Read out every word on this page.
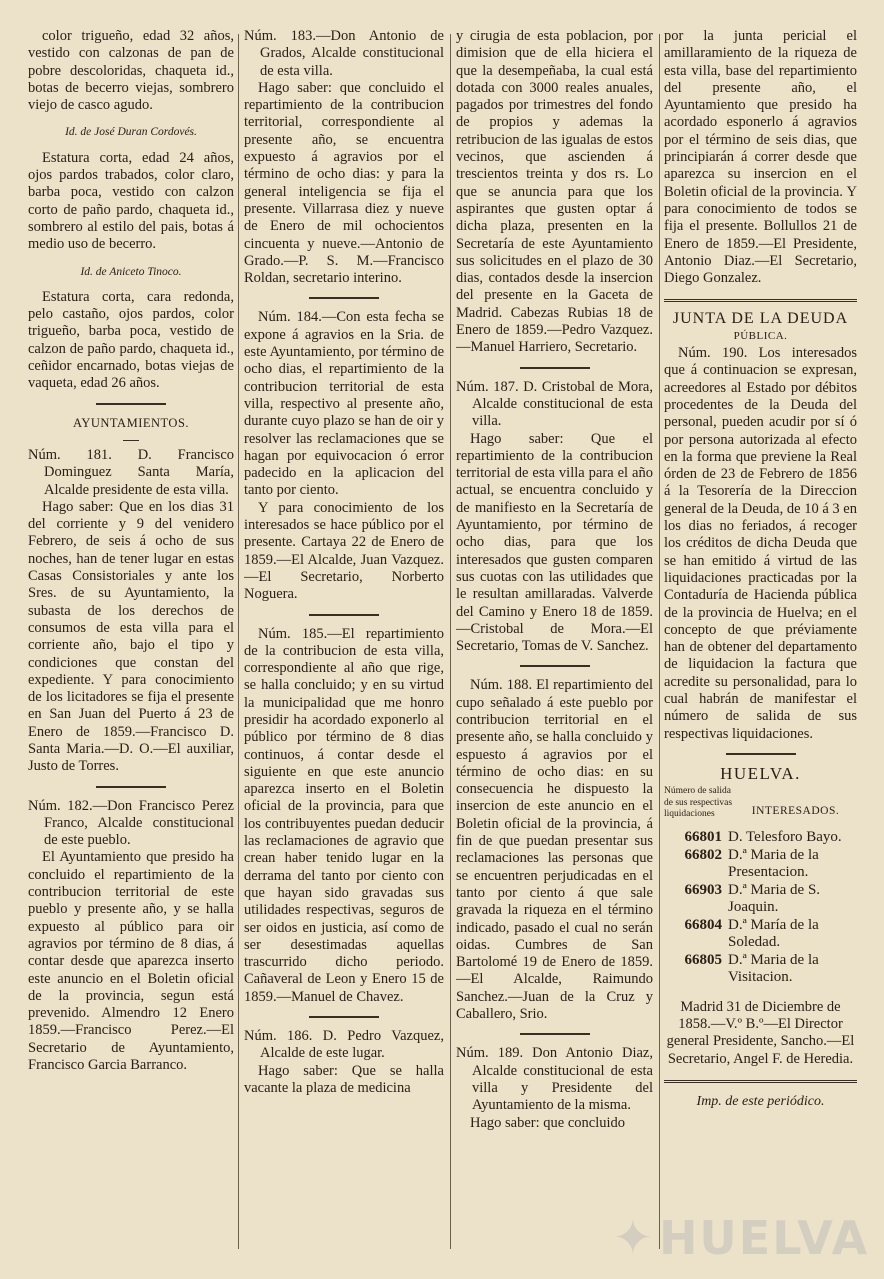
color trigueño, edad 32 años, vestido con calzonas de pan de pobre descoloridas, chaqueta id., botas de becerro viejas, sombrero viejo de casco agudo.

Id. de José Duran Cordovés.

Estatura corta, edad 24 años, ojos pardos trabados, color claro, barba poca, vestido con calzon corto de paño pardo, chaqueta id., sombrero al estilo del pais, botas á medio uso de becerro.

Id. de Aniceto Tinoco.

Estatura corta, cara redonda, pelo castaño, ojos pardos, color trigueño, barba poca, vestido de calzon de paño pardo, chaqueta id., ceñidor encarnado, botas viejas de vaqueta, edad 26 años.

AYUNTAMIENTOS.

Núm. 181. D. Francisco Dominguez Santa María, Alcalde presidente de esta villa.

Hago saber: Que en los dias 31 del corriente y 9 del venidero Febrero, de seis á ocho de sus noches, han de tener lugar en estas Casas Consistoriales y ante los Sres. de su Ayuntamiento, la subasta de los derechos de consumos de esta villa para el corriente año, bajo el tipo y condiciones que constan del expediente. Y para conocimiento de los licitadores se fija el presente en San Juan del Puerto á 23 de Enero de 1859.—Francisco D. Santa Maria.—D. O.—El auxiliar, Justo de Torres.

Núm. 182.—Don Francisco Perez Franco, Alcalde constitucional de este pueblo.

El Ayuntamiento que presido ha concluido el repartimiento de la contribucion territorial de este pueblo y presente año, y se halla expuesto al público para oir agravios por término de 8 dias, á contar desde que aparezca inserto este anuncio en el Boletin oficial de la provincia, segun está prevenido. Almendro 12 Enero 1859.—Francisco Perez.—El Secretario de Ayuntamiento, Francisco Garcia Barranco.

Núm. 183.—Don Antonio de Grados, Alcalde constitucional de esta villa.

Hago saber: que concluido el repartimiento de la contribucion territorial, correspondiente al presente año, se encuentra expuesto á agravios por el término de ocho dias: y para la general inteligencia se fija el presente. Villarrasa diez y nueve de Enero de mil ochocientos cincuenta y nueve.—Antonio de Grado.—P. S. M.—Francisco Roldan, secretario interino.

Núm. 184.—Con esta fecha se expone á agravios en la Sria. de este Ayuntamiento, por término de ocho dias, el repartimiento de la contribucion territorial de esta villa, respectivo al presente año, durante cuyo plazo se han de oir y resolver las reclamaciones que se hagan por equivocacion ó error padecido en la aplicacion del tanto por ciento.

Y para conocimiento de los interesados se hace público por el presente. Cartaya 22 de Enero de 1859.—El Alcalde, Juan Vazquez.—El Secretario, Norberto Noguera.

Núm. 185.—El repartimiento de la contribucion de esta villa, correspondiente al año que rige, se halla concluido; y en su virtud la municipalidad que me honro presidir ha acordado exponerlo al público por término de 8 dias continuos, á contar desde el siguiente en que este anuncio aparezca inserto en el Boletin oficial de la provincia, para que los contribuyentes puedan deducir las reclamaciones de agravio que crean haber tenido lugar en la derrama del tanto por ciento con que hayan sido gravadas sus utilidades respectivas, seguros de ser oidos en justicia, así como de ser desestimadas aquellas trascurrido dicho periodo. Cañaveral de Leon y Enero 15 de 1859.—Manuel de Chavez.

Núm. 186. D. Pedro Vazquez, Alcalde de este lugar.

Hago saber: Que se halla vacante la plaza de medicina

y cirugia de esta poblacion, por dimision que de ella hiciera el que la desempeñaba, la cual está dotada con 3000 reales anuales, pagados por trimestres del fondo de propios y ademas la retribucion de las igualas de estos vecinos, que ascienden á trescientos treinta y dos rs. Lo que se anuncia para que los aspirantes que gusten optar á dicha plaza, presenten en la Secretaría de este Ayuntamiento sus solicitudes en el plazo de 30 dias, contados desde la insercion del presente en la Gaceta de Madrid. Cabezas Rubias 18 de Enero de 1859.—Pedro Vazquez.—Manuel Harriero, Secretario.

Núm. 187. D. Cristobal de Mora, Alcalde constitucional de esta villa.

Hago saber: Que el repartimiento de la contribucion territorial de esta villa para el año actual, se encuentra concluido y de manifiesto en la Secretaría de Ayuntamiento, por término de ocho dias, para que los interesados que gusten comparen sus cuotas con las utilidades que le resultan amillaradas. Valverde del Camino y Enero 18 de 1859.—Cristobal de Mora.—El Secretario, Tomas de V. Sanchez.

Núm. 188. El repartimiento del cupo señalado á este pueblo por contribucion territorial en el presente año, se halla concluido y espuesto á agravios por el término de ocho dias: en su consecuencia he dispuesto la insercion de este anuncio en el Boletin oficial de la provincia, á fin de que puedan presentar sus reclamaciones las personas que se encuentren perjudicadas en el tanto por ciento á que sale gravada la riqueza en el término indicado, pasado el cual no serán oidas. Cumbres de San Bartolomé 19 de Enero de 1859.—El Alcalde, Raimundo Sanchez.—Juan de la Cruz y Caballero, Srio.

Núm. 189. Don Antonio Diaz, Alcalde constitucional de esta villa y Presidente del Ayuntamiento de la misma.

Hago saber: que concluido

por la junta pericial el amillaramiento de la riqueza de esta villa, base del repartimiento del presente año, el Ayuntamiento que presido ha acordado esponerlo á agravios por el término de seis dias, que principiarán á correr desde que aparezca su insercion en el Boletin oficial de la provincia. Y para conocimiento de todos se fija el presente. Bollullos 21 de Enero de 1859.—El Presidente, Antonio Diaz.—El Secretario, Diego Gonzalez.

JUNTA DE LA DEUDA
PÚBLICA.

Núm. 190. Los interesados que á continuacion se expresan, acreedores al Estado por débitos procedentes de la Deuda del personal, pueden acudir por sí ó por persona autorizada al efecto en la forma que previene la Real órden de 23 de Febrero de 1856 á la Tesorería de la Direccion general de la Deuda, de 10 á 3 en los dias no feriados, á recoger los créditos de dicha Deuda que se han emitido á virtud de las liquidaciones practicadas por la Contaduría de Hacienda pública de la provincia de Huelva; en el concepto de que préviamente han de obtener del departamento de liquidacion la factura que acredite su personalidad, para lo cual habrán de manifestar el número de salida de sus respectivas liquidaciones.

HUELVA.
Número de salida de sus respectivas liquidaciones	INTERESADOS.
66801 D. Telesforo Bayo.
66802 D.ª Maria de la Presentacion.
66903 D.ª Maria de S. Joaquin.
66804 D.ª María de la Soledad.
66805 D.ª Maria de la Visitacion.

Madrid 31 de Diciembre de 1858.—V.º B.º—El Director general Presidente, Sancho.—El Secretario, Angel F. de Heredia.

Imp. de este periódico.
✦ HUELVA
